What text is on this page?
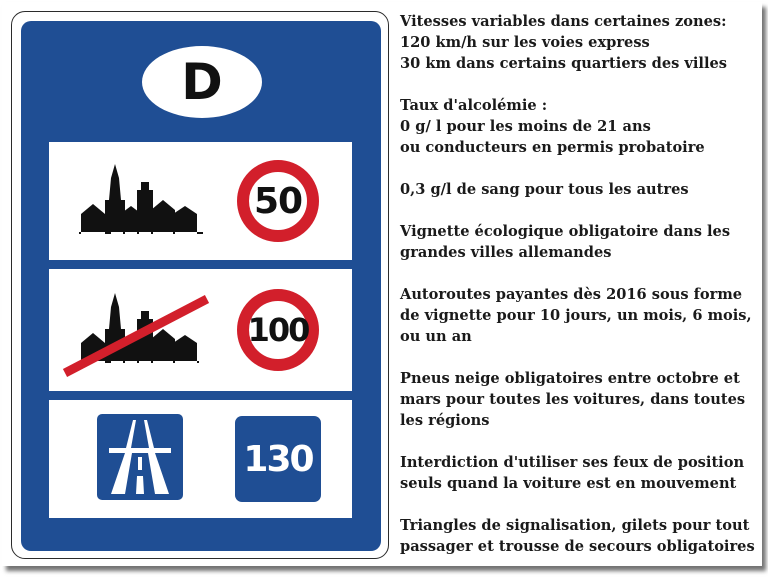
D
50
100
130
Vitesses variables dans certaines zones:
120 km/h sur les voies express
30 km dans certains quartiers des villes
Taux d'alcolémie :
0 g/ l pour les moins de 21 ans
ou conducteurs en permis probatoire
0,3 g/l de sang pour tous les autres
Vignette écologique obligatoire dans les
grandes villes allemandes
Autoroutes payantes dès 2016 sous forme
de vignette pour 10 jours, un mois, 6 mois,
ou un an
Pneus neige obligatoires entre octobre et
mars pour toutes les voitures, dans toutes
les régions
Interdiction d'utiliser ses feux de position
seuls quand la voiture est en mouvement
Triangles de signalisation, gilets pour tout
passager et trousse de secours obligatoires
